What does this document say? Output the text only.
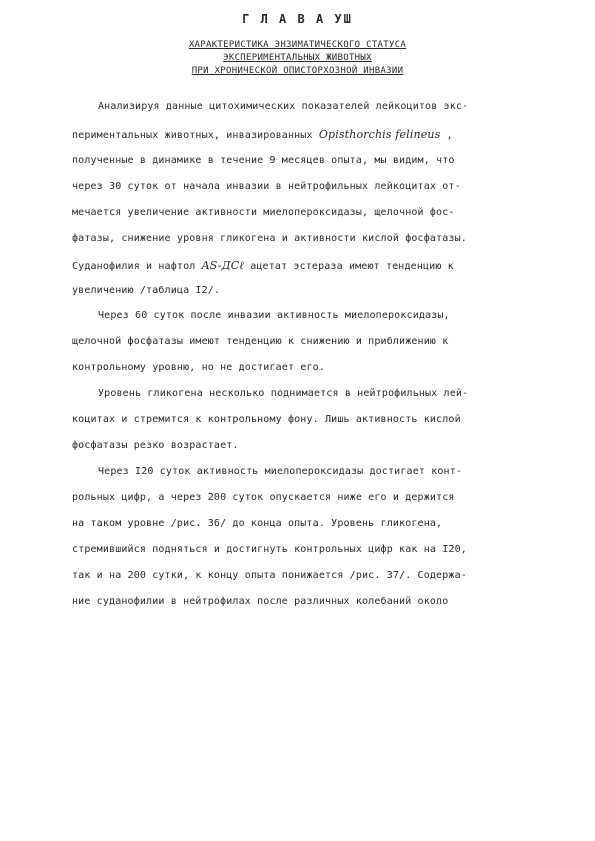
Г Л А В А УШ
ХАРАКТЕРИСТИКА ЭНЗИМАТИЧЕСКОГО СТАТУСА
ЭКСПЕРИМЕНТАЛЬНЫХ ЖИВОТНЫХ
ПРИ ХРОНИЧЕСКОЙ ОПИСТОРХОЗНОЙ ИНВАЗИИ
Анализируя данные цитохимических показателей лейкоцитов экс-
периментальных животных, инвазированных Opisthorchis felineus ,
полученные в динамике в течение 9 месяцев опыта, мы видим, что
через 30 суток от начала инвазии в нейтрофильных лейкоцитах от-
мечается увеличение активности миелопероксидазы, щелочной фос-
фатазы, снижение уровня гликогена и активности кислой фосфатазы.
Суданофилия и нафтол AS-ДCℓ ацетат эстераза имеют тенденцию к
увеличению /таблица I2/.
Через 60 суток после инвазии активность миелопероксидазы,
щелочной фосфатазы имеют тенденцию к снижению и приближению к
контрольному уровню, но не достигает его.
Уровень гликогена несколько поднимается в нейтрофильных лей-
коцитах и стремится к контрольному фону. Лишь активность кислой
фосфатазы резко возрастает.
Через I20 суток активность миелопероксидазы достигает конт-
рольных цифр, а через 200 суток опускается ниже его и держится
на таком уровне /рис. 36/ до конца опыта. Уровень гликогена,
стремившийся подняться и достигнуть контрольных цифр как на I20,
так и на 200 сутки, к концу опыта понижается /рис. 37/. Содержа-
ние суданофилии в нейтрофилах после различных колебаний около
